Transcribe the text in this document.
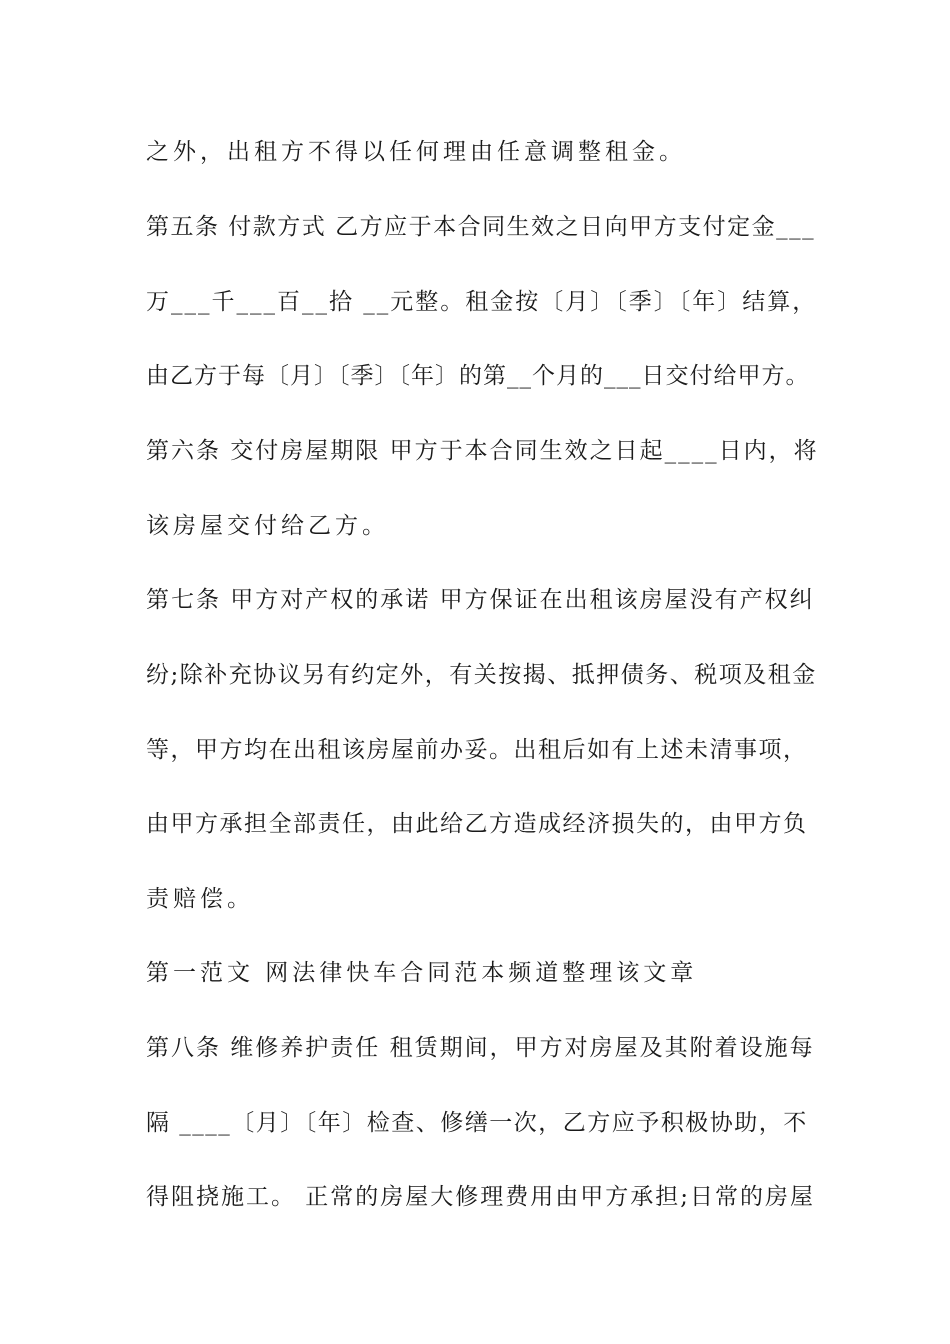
之外，出租方不得以任何理由任意调整租金。

第五条 付款方式 乙方应于本合同生效之日向甲方支付定金___

万___千___百__拾 __元整。租金按〔月〕〔季〕〔年〕结算，

由乙方于每〔月〕〔季〕〔年〕的第__个月的___日交付给甲方。

第六条 交付房屋期限 甲方于本合同生效之日起____日内，将

该房屋交付给乙方。

第七条 甲方对产权的承诺 甲方保证在出租该房屋没有产权纠

纷;除补充协议另有约定外，有关按揭、抵押债务、税项及租金

等，甲方均在出租该房屋前办妥。出租后如有上述未清事项，

由甲方承担全部责任，由此给乙方造成经济损失的，由甲方负

责赔偿。

第一范文 网法律快车合同范本频道整理该文章

第八条 维修养护责任 租赁期间，甲方对房屋及其附着设施每

隔 ____〔月〕〔年〕检查、修缮一次，乙方应予积极协助，不

得阻挠施工。 正常的房屋大修理费用由甲方承担;日常的房屋
